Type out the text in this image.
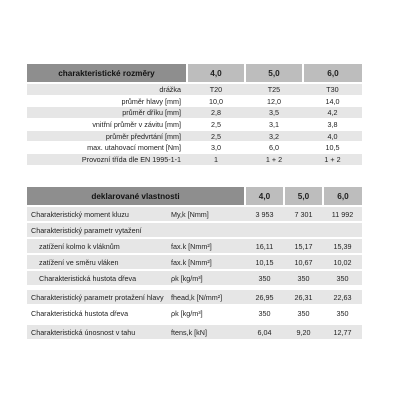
charakteristické rozměry	4,0	5,0	6,0
drážka	T20	T25	T30
průměr hlavy [mm]	10,0	12,0	14,0
průměr dříku [mm]	2,8	3,5	4,2
vnitřní průměr v závitu [mm]	2,5	3,1	3,8
průměr předvrtání [mm]	2,5	3,2	4,0
max. utahovací moment [Nm]	3,0	6,0	10,5
Provozní třída dle EN 1995-1-1	1	1 + 2	1 + 2
deklarované vlastnosti		4,0	5,0	6,0
Charakteristický moment kluzu	My,k [Nmm]	3 953	7 301	11 992
Charakteristický parametr vytažení				
zatížení kolmo k vláknům	fax.k [Nmm²]	16,11	15,17	15,39
zatížení ve směru vláken	fax.k [Nmm²]	10,15	10,67	10,02
Charakteristická hustota dřeva	ρk [kg/m³]	350	350	350

Charakteristický parametr protažení hlavy	fhead,k [N/mm²]	26,95	26,31	22,63
Charakteristická hustota dřeva	ρk [kg/m³]	350	350	350

Charakteristická únosnost v tahu	ftens,k [kN]	6,04	9,20	12,77
